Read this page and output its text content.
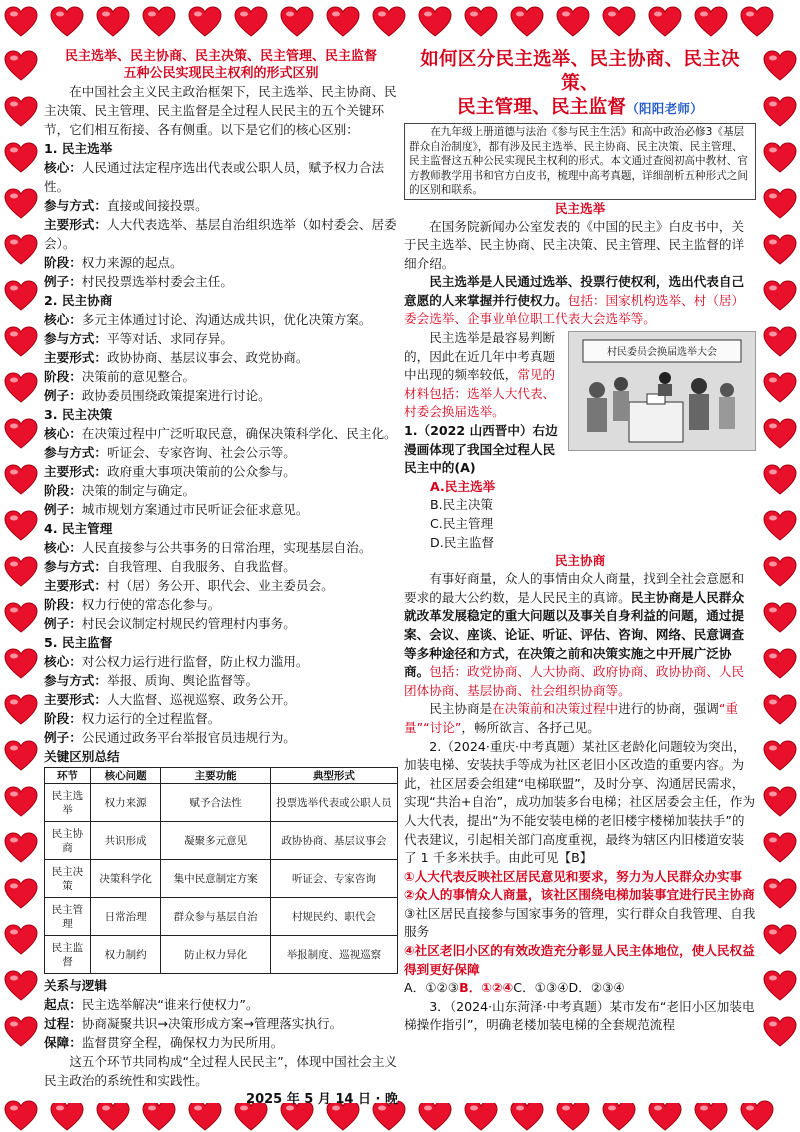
民主选举、民主协商、民主决策、民主管理、民主监督
五种公民实现民主权利的形式区别

在中国社会主义民主政治框架下，民主选举、民主协商、民主决策、民主管理、民主监督是全过程人民民主的五个关键环节，它们相互衔接、各有侧重。以下是它们的核心区别：

1. 民主选举
核心：人民通过法定程序选出代表或公职人员，赋予权力合法性。
参与方式：直接或间接投票。
主要形式：人大代表选举、基层自治组织选举（如村委会、居委会）。
阶段：权力来源的起点。
例子：村民投票选举村委会主任。
2. 民主协商
核心：多元主体通过讨论、沟通达成共识，优化决策方案。
参与方式：平等对话、求同存异。
主要形式：政协协商、基层议事会、政党协商。
阶段：决策前的意见整合。
例子：政协委员围绕政策提案进行讨论。
3. 民主决策
核心：在决策过程中广泛听取民意，确保决策科学化、民主化。
参与方式：听证会、专家咨询、社会公示等。
主要形式：政府重大事项决策前的公众参与。
阶段：决策的制定与确定。
例子：城市规划方案通过市民听证会征求意见。
4. 民主管理
核心：人民直接参与公共事务的日常治理，实现基层自治。
参与方式：自我管理、自我服务、自我监督。
主要形式：村（居）务公开、职代会、业主委员会。
阶段：权力行使的常态化参与。
例子：村民会议制定村规民约管理村内事务。
5. 民主监督
核心：对公权力运行进行监督，防止权力滥用。
参与方式：举报、质询、舆论监督等。
主要形式：人大监督、巡视巡察、政务公开。
阶段：权力运行的全过程监督。
例子：公民通过政务平台举报官员违规行为。
关键区别总结
环节	核心问题	主要功能	典型形式
民主选举	权力来源	赋予合法性	投票选举代表或公职人员
民主协商	共识形成	凝聚多元意见	政协协商、基层议事会
民主决策	决策科学化	集中民意制定方案	听证会、专家咨询
民主管理	日常治理	群众参与基层自治	村规民约、职代会
民主监督	权力制约	防止权力异化	举报制度、巡视巡察
关系与逻辑
起点：民主选举解决“谁来行使权力”。
过程：协商凝聚共识→决策形成方案→管理落实执行。
保障：监督贯穿全程，确保权力为民所用。

这五个环节共同构成“全过程人民民主”，体现中国社会主义民主政治的系统性和实践性。

2025 年 5 月 14 日 · 晚
如何区分民主选举、民主协商、民主决策、
民主管理、民主监督（阳阳老师）
在九年级上册道德与法治《参与民主生活》和高中政治必修3《基层群众自治制度》，都有涉及民主选举、民主协商、民主决策、民主管理、民主监督这五种公民实现民主权利的形式。本文通过查阅初高中教材、官方教师教学用书和官方白皮书，梳理中高考真题，详细剖析五种形式之间的区别和联系。
民主选举

在国务院新闻办公室发表的《中国的民主》白皮书中，关于民主选举、民主协商、民主决策、民主管理、民主监督的详细介绍。

民主选举是人民通过选举、投票行使权利，选出代表自己意愿的人来掌握并行使权力。包括：国家机构选举、村（居）委会选举、企事业单位职工代表大会选举等。

村民委员会换届选举大会

民主选举是最容易判断的，因此在近几年中考真题中出现的频率较低，常见的材料包括：选举人大代表、村委会换届选举。

1.（2022 山西晋中）右边漫画体现了我国全过程人民民主中的(A)

A.民主选举

B.民主决策

C.民主管理

D.民主监督

民主协商

有事好商量，众人的事情由众人商量，找到全社会意愿和要求的最大公约数，是人民民主的真谛。民主协商是人民群众就改革发展稳定的重大问题以及事关自身利益的问题，通过提案、会议、座谈、论证、听证、评估、咨询、网络、民意调查等多种途径和方式，在决策之前和决策实施之中开展广泛协商。包括：政党协商、人大协商、政府协商、政协协商、人民团体协商、基层协商、社会组织协商等。

民主协商是在决策前和决策过程中进行的协商，强调“重量”“讨论”，畅所欲言、各抒己见。

2.（2024·重庆·中考真题）某社区老龄化问题较为突出，加装电梯、安装扶手等成为社区老旧小区改造的重要内容。为此，社区居委会组建“电梯联盟”，及时分享、沟通居民需求，实现“共治+自治”，成功加装多台电梯；社区居委会主任，作为人大代表，提出“为不能安装电梯的老旧楼宇楼梯加装扶手”的代表建议，引起相关部门高度重视，最终为辖区内旧楼道安装了 1 千多米扶手。由此可见【B】

①人大代表反映社区居民意见和要求，努力为人民群众办实事

②众人的事情众人商量，该社区围绕电梯加装事宜进行民主协商

③社区居民直接参与国家事务的管理，实行群众自我管理、自我服务

④社区老旧小区的有效改造充分彰显人民主体地位，使人民权益得到更好保障

A．①②③B．①②④C．①③④D．②③④

3．（2024·山东菏泽·中考真题）某市发布“老旧小区加装电梯操作指引”，明确老楼加装电梯的全套规范流程
